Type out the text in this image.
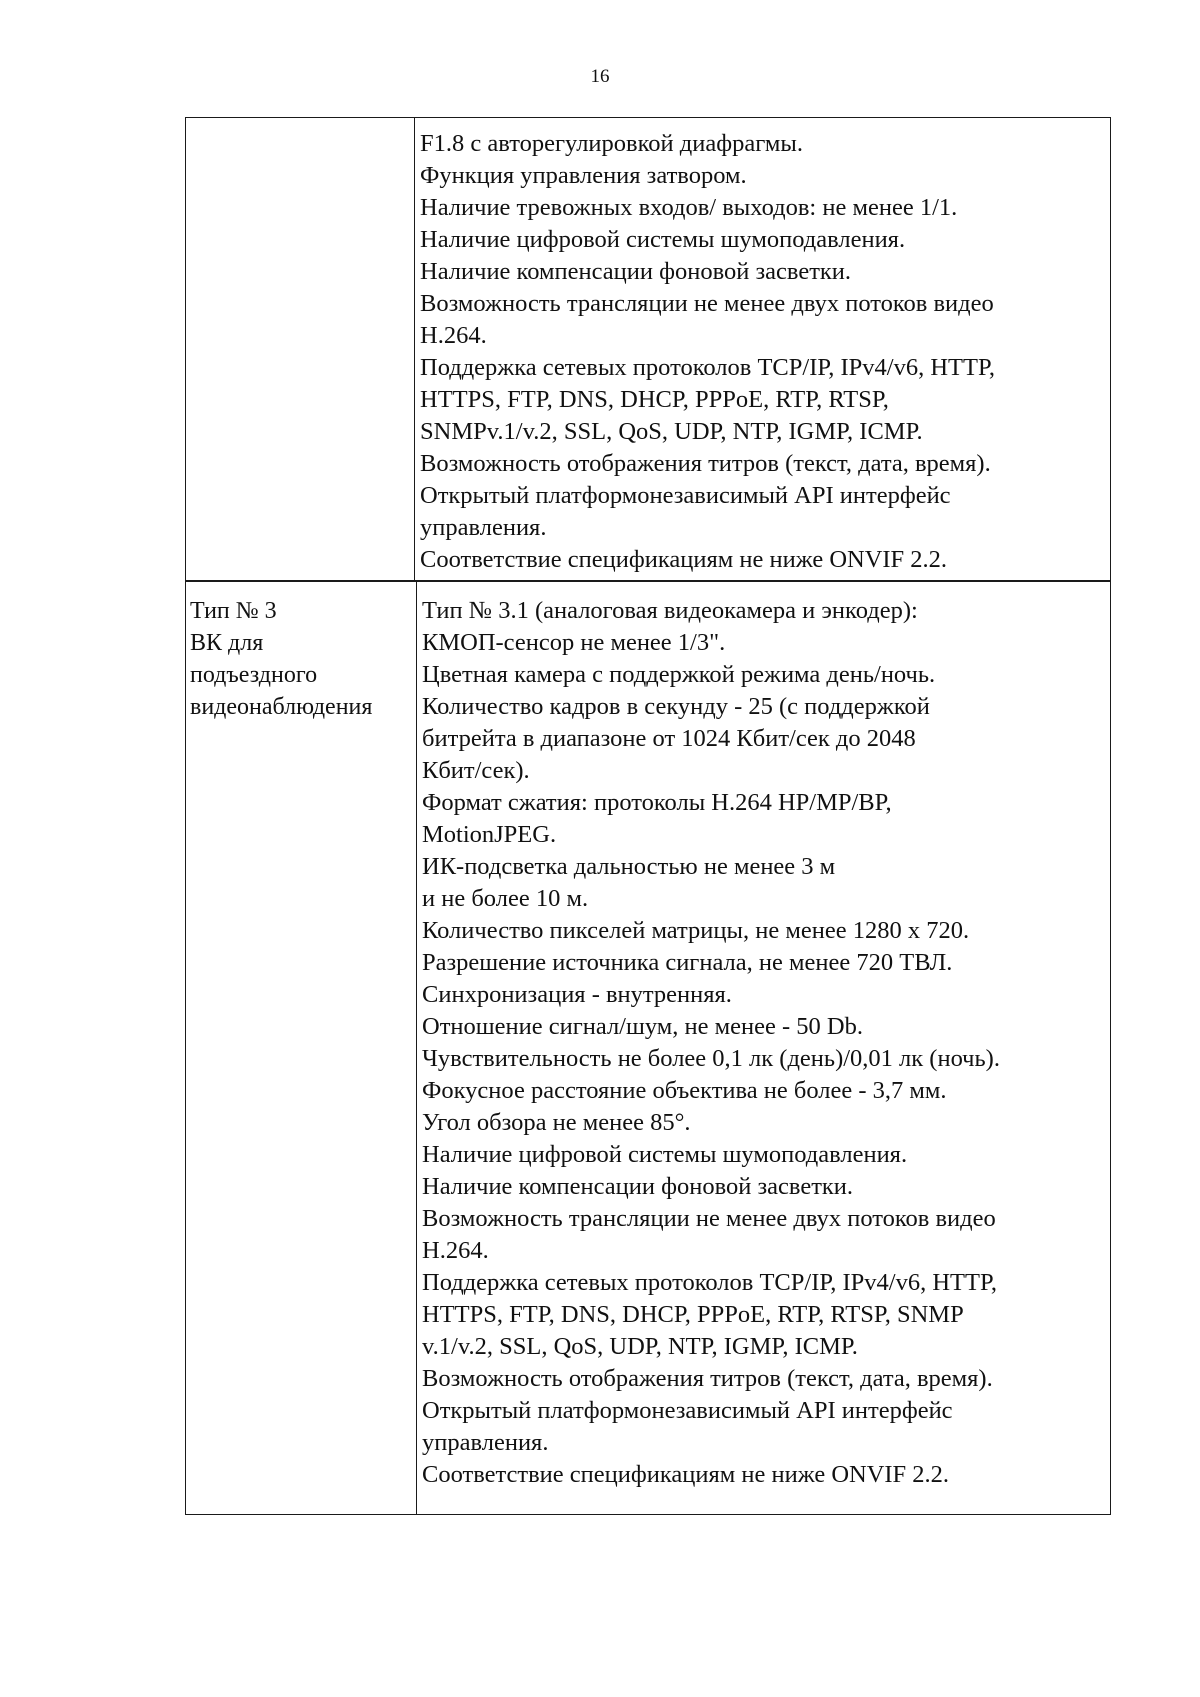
16
F1.8 с авторегулировкой диафрагмы.
Функция управления затвором.
Наличие тревожных входов/ выходов: не менее 1/1.
Наличие цифровой системы шумоподавления.
Наличие компенсации фоновой засветки.
Возможность трансляции не менее двух потоков видео
H.264.
Поддержка сетевых протоколов TCP/IP, IPv4/v6, HTTP,
HTTPS, FTP, DNS, DHCP, PPPoE, RTP, RTSP,
SNMPv.1/v.2, SSL, QoS, UDP, NTP, IGMP, ICMP.
Возможность отображения титров (текст, дата, время).
Открытый платформонезависимый API интерфейс
управления.
Соответствие спецификациям не ниже ONVIF 2.2.
Тип № 3
ВК для
подъездного
видеонаблюдения
Тип № 3.1 (аналоговая видеокамера и энкодер):
КМОП-сенсор не менее 1/3".
Цветная камера с поддержкой режима день/ночь.
Количество кадров в секунду - 25 (с поддержкой
битрейта в диапазоне от 1024 Кбит/сек до 2048
Кбит/сек).
Формат сжатия: протоколы H.264 HP/MP/BP,
MotionJPEG.
ИК-подсветка дальностью не менее 3 м
и не более 10 м.
Количество пикселей матрицы, не менее 1280 x 720.
Разрешение источника сигнала, не менее 720 ТВЛ.
Синхронизация - внутренняя.
Отношение сигнал/шум, не менее - 50 Db.
Чувствительность не более 0,1 лк (день)/0,01 лк (ночь).
Фокусное расстояние объектива не более - 3,7 мм.
Угол обзора не менее 85°.
Наличие цифровой системы шумоподавления.
Наличие компенсации фоновой засветки.
Возможность трансляции не менее двух потоков видео
H.264.
Поддержка сетевых протоколов TCP/IP, IPv4/v6, HTTP,
HTTPS, FTP, DNS, DHCP, PPPoE, RTP, RTSP, SNMP
v.1/v.2, SSL, QoS, UDP, NTP, IGMP, ICMP.
Возможность отображения титров (текст, дата, время).
Открытый платформонезависимый API интерфейс
управления.
Соответствие спецификациям не ниже ONVIF 2.2.
